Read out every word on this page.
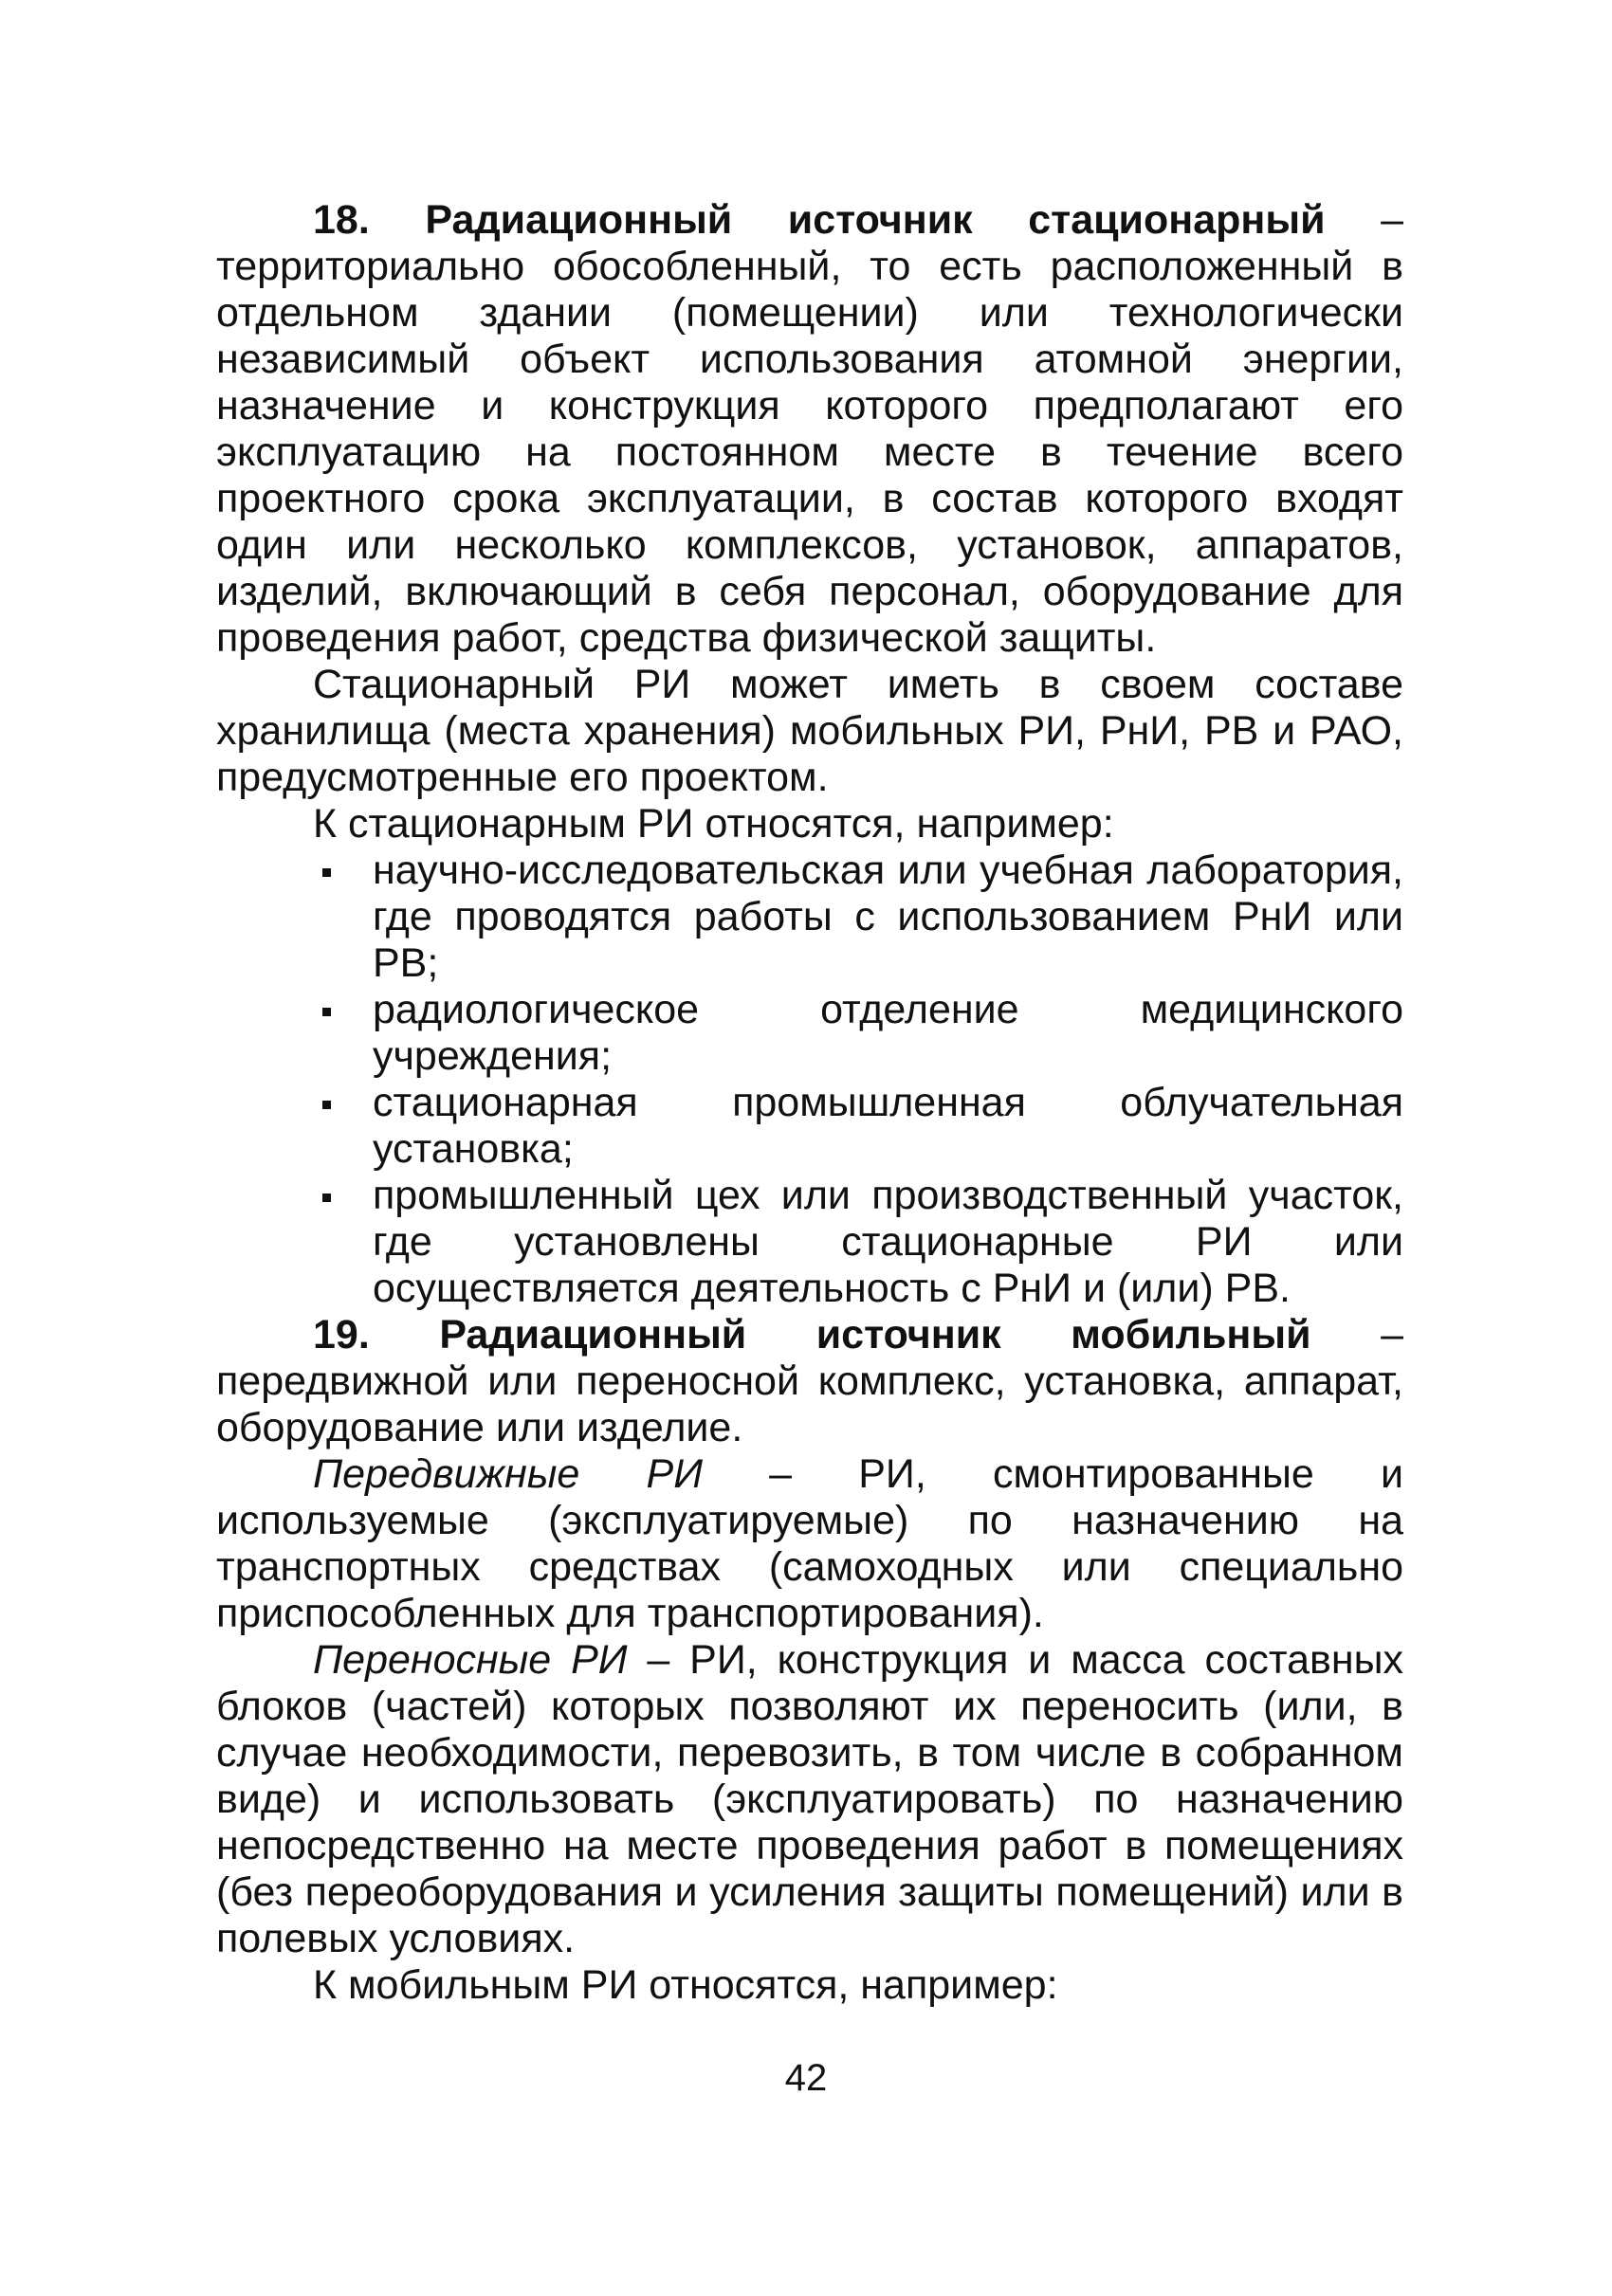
18. Радиационный источник стационарный – территориально обособленный, то есть расположенный в отдельном здании (помещении) или технологически независимый объект использования атомной энергии, назначение и конструкция которого предполагают его эксплуатацию на постоянном месте в течение всего проектного срока эксплуатации, в состав которого входят один или несколько комплексов, установок, аппаратов, изделий, включающий в себя персонал, оборудование для проведения работ, средства физической защиты.

Стационарный РИ может иметь в своем составе хранилища (места хранения) мобильных РИ, РнИ, РВ и РАО, предусмотренные его проектом.

К стационарным РИ относятся, например:

научно-исследовательская или учебная лаборатория, где проводятся работы с использованием РнИ или РВ;
радиологическое отделение медицинского учреждения;
стационарная промышленная облучательная установка;
промышленный цех или производственный участок, где установлены стационарные РИ или осуществляется деятельность с РнИ и (или) РВ.

19. Радиационный источник мобильный – передвижной или переносной комплекс, установка, аппарат, оборудование или изделие.

Передвижные РИ – РИ, смонтированные и используемые (эксплуатируемые) по назначению на транспортных средствах (самоходных или специально приспособленных для транспортирования).

Переносные РИ – РИ, конструкция и масса составных блоков (частей) которых позволяют их переносить (или, в случае необходимости, перевозить, в том числе в собранном виде) и использовать (эксплуатировать) по назначению непосредственно на месте проведения работ в помещениях (без переоборудования и усиления защиты помещений) или в полевых условиях.

К мобильным РИ относятся, например:

42
